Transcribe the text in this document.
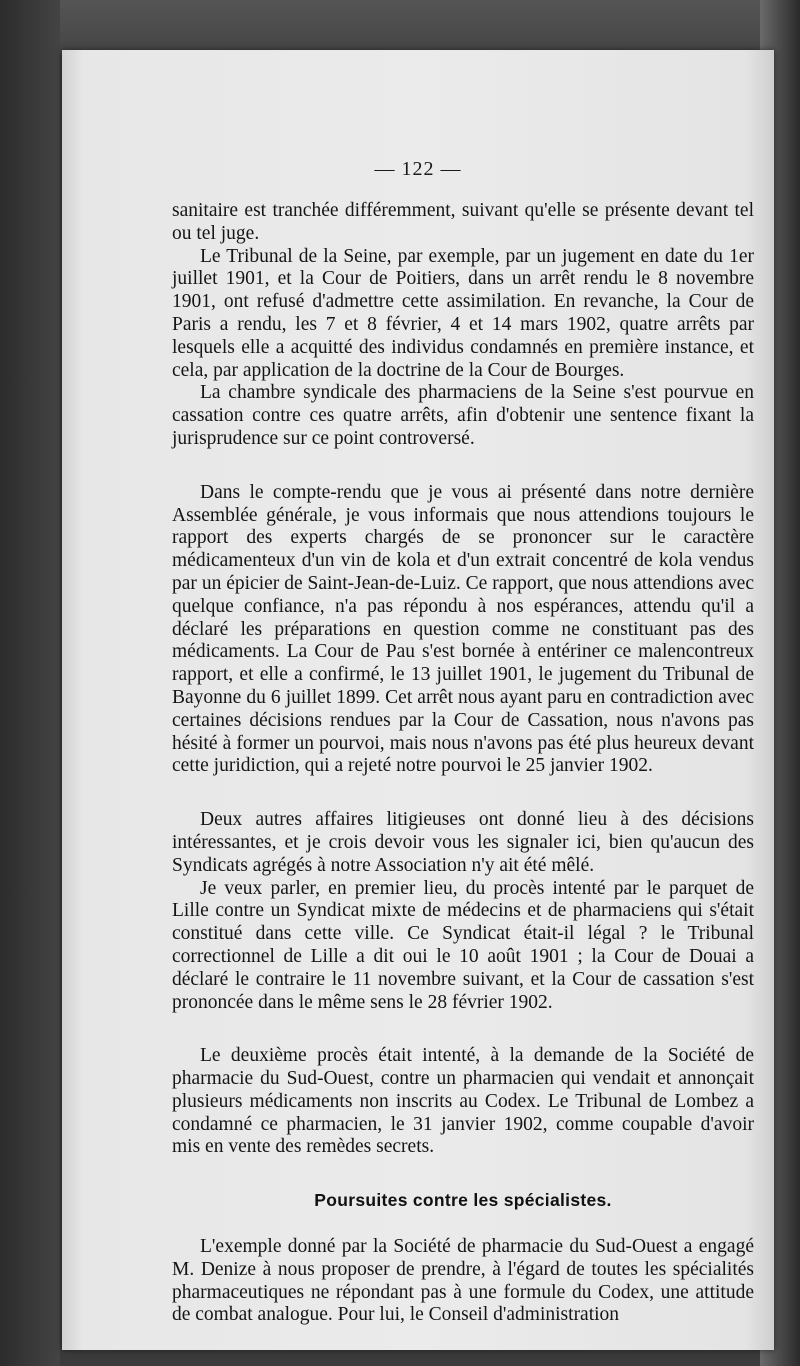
— 122 —

sanitaire est tranchée différemment, suivant qu'elle se présente devant tel ou tel juge.

Le Tribunal de la Seine, par exemple, par un jugement en date du 1er juillet 1901, et la Cour de Poitiers, dans un arrêt rendu le 8 novembre 1901, ont refusé d'admettre cette assimilation. En revanche, la Cour de Paris a rendu, les 7 et 8 février, 4 et 14 mars 1902, quatre arrêts par lesquels elle a acquitté des individus condamnés en première instance, et cela, par application de la doctrine de la Cour de Bourges.

La chambre syndicale des pharmaciens de la Seine s'est pourvue en cassation contre ces quatre arrêts, afin d'obtenir une sentence fixant la jurisprudence sur ce point controversé.

Dans le compte-rendu que je vous ai présenté dans notre dernière Assemblée générale, je vous informais que nous attendions toujours le rapport des experts chargés de se prononcer sur le caractère médicamenteux d'un vin de kola et d'un extrait concentré de kola vendus par un épicier de Saint-Jean-de-Luiz. Ce rapport, que nous attendions avec quelque confiance, n'a pas répondu à nos espérances, attendu qu'il a déclaré les préparations en question comme ne constituant pas des médicaments. La Cour de Pau s'est bornée à entériner ce malencontreux rapport, et elle a confirmé, le 13 juillet 1901, le jugement du Tribunal de Bayonne du 6 juillet 1899. Cet arrêt nous ayant paru en contradiction avec certaines décisions rendues par la Cour de Cassation, nous n'avons pas hésité à former un pourvoi, mais nous n'avons pas été plus heureux devant cette juridiction, qui a rejeté notre pourvoi le 25 janvier 1902.

Deux autres affaires litigieuses ont donné lieu à des décisions intéressantes, et je crois devoir vous les signaler ici, bien qu'aucun des Syndicats agrégés à notre Association n'y ait été mêlé.

Je veux parler, en premier lieu, du procès intenté par le parquet de Lille contre un Syndicat mixte de médecins et de pharmaciens qui s'était constitué dans cette ville. Ce Syndicat était-il légal ? le Tribunal correctionnel de Lille a dit oui le 10 août 1901 ; la Cour de Douai a déclaré le contraire le 11 novembre suivant, et la Cour de cassation s'est prononcée dans le même sens le 28 février 1902.

Le deuxième procès était intenté, à la demande de la Société de pharmacie du Sud-Ouest, contre un pharmacien qui vendait et annonçait plusieurs médicaments non inscrits au Codex. Le Tribunal de Lombez a condamné ce pharmacien, le 31 janvier 1902, comme coupable d'avoir mis en vente des remèdes secrets.

Poursuites contre les spécialistes.

L'exemple donné par la Société de pharmacie du Sud-Ouest a engagé M. Denize à nous proposer de prendre, à l'égard de toutes les spécialités pharmaceutiques ne répondant pas à une formule du Codex, une attitude de combat analogue. Pour lui, le Conseil d'administration
